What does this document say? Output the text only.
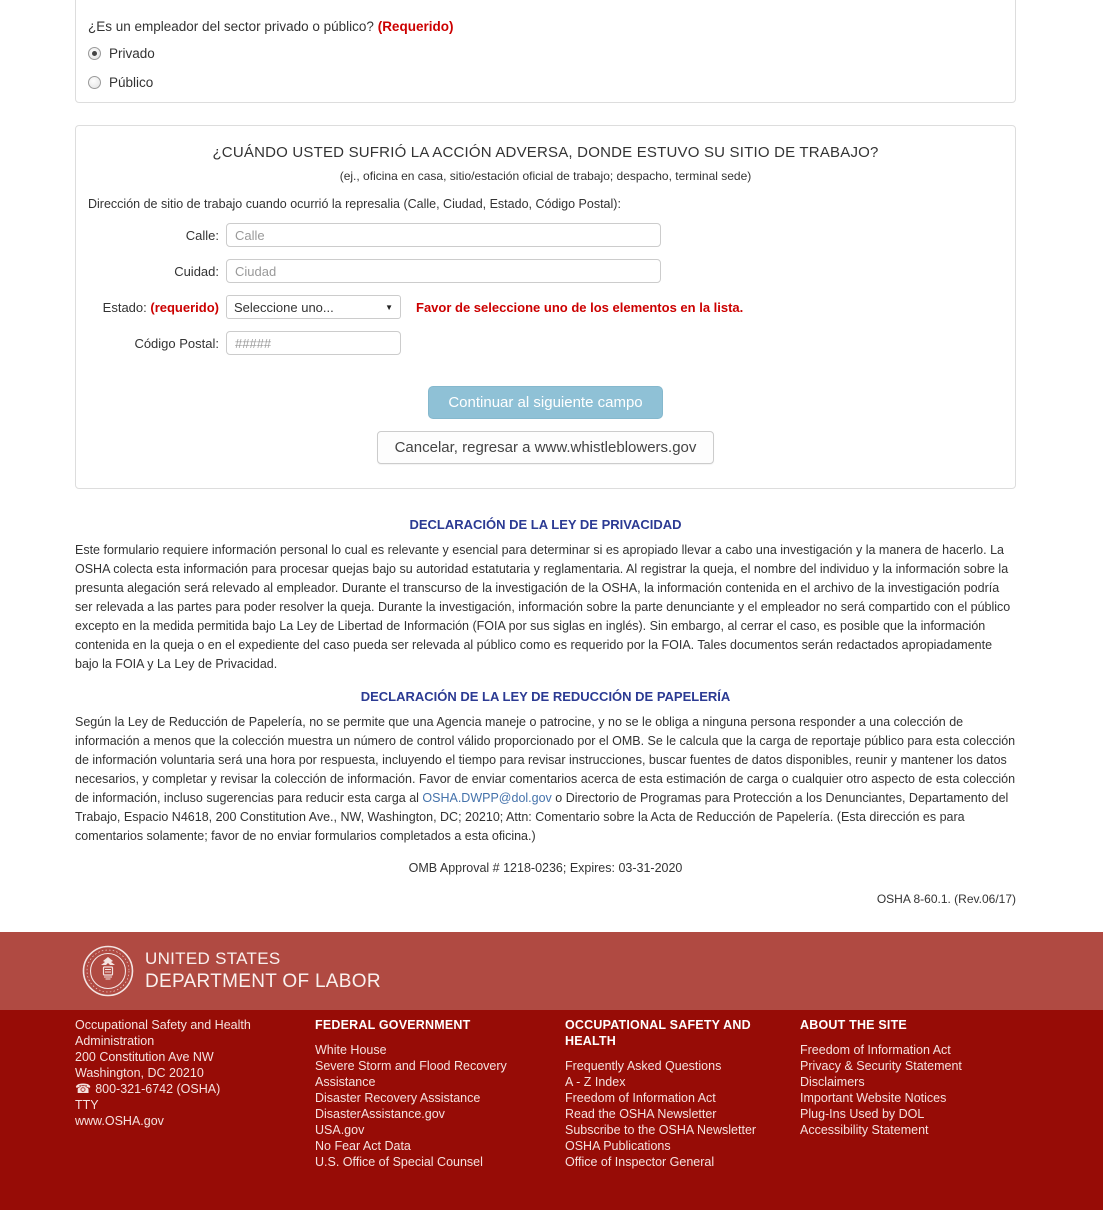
¿Es un empleador del sector privado o público? (Requerido)
Privado
Público
¿CUÁNDO USTED SUFRIÓ LA ACCIÓN ADVERSA, DONDE ESTUVO SU SITIO DE TRABAJO?
(ej., oficina en casa, sitio/estación oficial de trabajo; despacho, terminal sede)
Dirección de sitio de trabajo cuando ocurrió la represalia (Calle, Ciudad, Estado, Código Postal):
Calle:
Calle
Cuidad:
Ciudad
Estado: (requerido)	Seleccione uno...	▼ Favor de seleccione uno de los elementos en la lista.
Código Postal:
#####
Continuar al siguiente campo
Cancelar, regresar a www.whistleblowers.gov
DECLARACIÓN DE LA LEY DE PRIVACIDAD
Este formulario requiere información personal lo cual es relevante y esencial para determinar si es apropiado llevar a cabo una investigación y la manera de hacerlo. La OSHA colecta esta información para procesar quejas bajo su autoridad estatutaria y reglamentaria. Al registrar la queja, el nombre del individuo y la información sobre la presunta alegación será relevado al empleador. Durante el transcurso de la investigación de la OSHA, la información contenida en el archivo de la investigación podría ser relevada a las partes para poder resolver la queja. Durante la investigación, información sobre la parte denunciante y el empleador no será compartido con el público excepto en la medida permitida bajo La Ley de Libertad de Información (FOIA por sus siglas en inglés). Sin embargo, al cerrar el caso, es posible que la información contenida en la queja o en el expediente del caso pueda ser relevada al público como es requerido por la FOIA. Tales documentos serán redactados apropiadamente bajo la FOIA y La Ley de Privacidad.
DECLARACIÓN DE LA LEY DE REDUCCIÓN DE PAPELERÍA
Según la Ley de Reducción de Papelería, no se permite que una Agencia maneje o patrocine, y no se le obliga a ninguna persona responder a una colección de información a menos que la colección muestra un número de control válido proporcionado por el OMB. Se le calcula que la carga de reportaje público para esta colección de información voluntaria será una hora por respuesta, incluyendo el tiempo para revisar instrucciones, buscar fuentes de datos disponibles, reunir y mantener los datos necesarios, y completar y revisar la colección de información. Favor de enviar comentarios acerca de esta estimación de carga o cualquier otro aspecto de esta colección de información, incluso sugerencias para reducir esta carga al OSHA.DWPP@dol.gov o Directorio de Programas para Protección a los Denunciantes, Departamento del Trabajo, Espacio N4618, 200 Constitution Ave., NW, Washington, DC; 20210; Attn: Comentario sobre la Acta de Reducción de Papelería. (Esta dirección es para comentarios solamente; favor de no enviar formularios completados a esta oficina.)
OMB Approval # 1218-0236; Expires: 03-31-2020
OSHA 8-60.1. (Rev.06/17)
UNITED STATES
DEPARTMENT OF LABOR
Occupational Safety and Health Administration
200 Constitution Ave NW
Washington, DC 20210
☎ 800-321-6742 (OSHA)
TTY
www.OSHA.gov
FEDERAL GOVERNMENT
White House
Severe Storm and Flood Recovery Assistance
Disaster Recovery Assistance
DisasterAssistance.gov
USA.gov
No Fear Act Data
U.S. Office of Special Counsel
OCCUPATIONAL SAFETY AND HEALTH
Frequently Asked Questions
A - Z Index
Freedom of Information Act
Read the OSHA Newsletter
Subscribe to the OSHA Newsletter
OSHA Publications
Office of Inspector General
ABOUT THE SITE
Freedom of Information Act
Privacy & Security Statement
Disclaimers
Important Website Notices
Plug-Ins Used by DOL
Accessibility Statement
